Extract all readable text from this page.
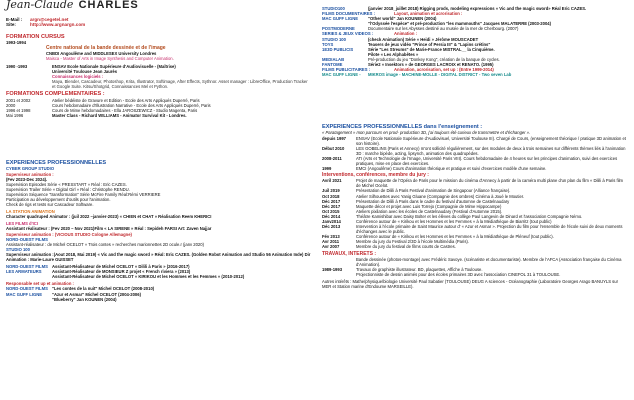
Jean-Claude CHARLES
E-Mail : argn@cegetel.net
Site:	http://www.argnargn.com
FORMATION CURSUS
1993-1994
Centre national de la bande dessinée et de l'image
CNBDI Angoulême and MIDDLESEX University Londres
Maisca - Master of Arts in Image Synthesis and Computer Animation.
1990 -1993	ENSAV Ecole Nationale Supérieure d'Audiovisuelle - (Maîtrise)
Université Toulouse Jean Jaurès
Connaissances logiciels :
Maya, Blender, Cascadeur, Photoshop, Krita, Illustrator, Softimage, After Effects, Sythnor. Asset manager : LibreOffice, Production Tracker et Google Suite. Kitsu/Shotgrid, Connaissances Mel et Python.
FORMATIONS COMPLEMENTAIRES :
2001 et 2002	Atelier bédéiste de Gravure et Edition - Ecole des Arts Appliqués Duperré, Paris
2000	Cours hebdomadaire d'Illustration Narrative - Ecole des Arts Appliqués Duperré, Paris
1996 et 1998	Cours de Mime hebdomadaires - Ella JAROSZEWICZ - Studio Magenta, Paris
Mai 1996	Master Class - Richard WILLIAMS - Animator Survival Kit - Londres.
EXPERIENCES PROFESSIONNELLES
CYBER GROUP STUDIO
Superviseur animation :
(Fev 2023-Dec 2024).
Supervision Episodes Série « PRESSTART » Réal : Eric CAZES.
Supervision Trailer Série « Digital Girl » Réal : Christophe RENDU.
Supervision Séquence "transformation" Série McFire Family Réal:Rémi VERRIERE
Participation au développement d'outils pour l'animation.
Check de rigs et tests sur Cascadeur Software.
LA STATION ANIMATION
Character quadruped Animator : (juil 2022 –janvier-2023) « CHIEN et CHAT » Réalisation Reem KHERICI
LES FILMS d'ICI
Assistant réalisateur : (Fev 2020 – Nov 2021)Film « LA SIRENE » Réal : Sepideh FARSI Art: Zaven Najjar
Superviseur animation : (VICIOUS STUDIO Cologne Allemagne)
NORD-OUEST FILMS
Assistant-réalisateur : de Michel OCELOT « Trois contes » recherches marionnettes 2D ocule.r (janv 2020)
STUDIO 100
Superviseur animation :(Aout 2018, Mai 2019) « Vic and the magic sword » Réal: Eric CAZES. (Golden Robot Animation and Studio 56 Animation Inde) Dir Animation : Marie-Laure GUISSET
NORD-OUEST FILMS Assistant-Réalisateur de Michel OCELOT « Dilili à Paris » (2016-2017)
LES ARMATEURS	Assistant-Réalisateur de MONSIEUR Z projet « French riviera » (2013)
Assistant-Réalisateur de Michel OCELOT « KIRIKOU et les Hommes et les Femmes » (2010-2012)
Responsable set up et animation :
NORD-OUEST FILMS "Les contes de la nuit" Michel OCELOT (2008-2010)
MAC GUFF LIGNE	"Azur et Asmar" Michel OCELOT (2004-2006)
"Blueberry" Jan KOUNEN (2004)
STUDIO100	(janvier 2018_juillet 2018) Rigging prods, modeling expressions « Vic and the magic sword» Réal Eric CAZES.
FILMS DOCUMENTAIRES :	Layout, animation et acrorisation :
MAC GUFF LIGNE	"Other world" Jan KOUNEN (2004)
"l'Odyssée l'espèce" et pré-production "les mammouths" Jacques MALATERRE (2003-2004)
POSTMODERNE	Documentaire sur les Abysses destiné au musée de la mer de Cherbourg. (2007)
SERIES & JEUX VIDEOS :	Animation :
STUDIO 100	(check Animation) Série « Heidi » Jérôme MOUSCADET
TOYS	Teasers de jeux vidéo "Prince of Persia III" & "Lapins crétins"
1E3D PUBLICIS	Série "Les Streums" de Marie-France MISTRAL__ la Cinquième.
Pilote « Les Alphabêtes »
MEDIALAB	Pré-production du jeu "Donkey Kong", création de la banque de cycles.
FANTOME	Série2 « Insektors » de GEORGES LACROIX et RENATO. (1995)
FILMS PUBLICITAIRES :	Animation, acrorisation, set up : (Entre 1999-2014)
MAC GUFF LIGNE -	MIKROS image - MACHINE-MOLLE - DIGITAL DISTRICT - Two seven Lab
EXPERIENCES PROFESSIONNELLES dans l'enseignement :
« Paratagement » mon parcours en prod- production 3D, j'ai toujours été curieux de transmettre et d'échanger ».
depuis 1997	ENSAV (Ecole Nationale Supérieure d'Audiovisuel, Université Toulouse III). Chargé de Cours, (enseignement théorique / pratique 3D animation et son histoire).
Début 2010	LES GOBELINS (Paris et Annecy) m'ont sollicité régulièrement, sur des modules de deux à trois semaines sur différents thèmes liés à l'animation 3D : marche bipède, acting, lipsynch, animation des quadrupèdes.
2008-2011	ATI (Arts et Technologie de l'Image, Université Paris VIII). Cours hebdomadaire de 4 heures sur les principes d'animation, suivi des exercices pratiques, mise en place des exercices.
1999	EMCI (Angoulême) Cours d'animation théorique et pratique et suivi d'exercices modèle d'une semaine.
Interventions, conférences, membre du jury :
Avril 2021	Projet de maquette de l'Opéra de Paris pour le mission du cinéma d'Annecy à partir de la caméra multi plane d'un plan du film « Dilili à Paris film de Michel Ocelot.
Juil 2019	Présentation de Dilili à Paris Festival d'animation de Singapour (Alliance française).
Oct 2018	Atelier Silhouettes avec Yanig Gluane (Compagnie des ombres) Cinéma à Joué le Moutier.
Déc 2017	Présentation de Dilili à Paris dans le cadre du festival d'automne de Castelnaudary
Déc 2017	Maquette décor et projet avec Luis Torrejo (Compagnie de Mime Hippocampe)
Oct 2015	Ateliers pixilation avec les écoles de Castelnaudary (Festival d'Automne 2015).
Déc 2014	Théâtre Kamishibaï avec Daisy Bolter et les élèves du collège Paul Langevin de Dinard et l'association Compagnie Némo.
Janv2014	Conférence autour de « Kirikou et les Hommes et les Femmes » à la Médiathèque de Biarritz (tout public)
Déc 2013	Intervention à l'école primaire de Saint Maurice autour d' « Azur et Asmar ». Projection du film pour l'ensemble de l'école suivi de deux moments d'échanges avec le public.
Fév 2013	Conférence autour de « Kirikou et les Hommes et les Femmes » à la Médiathèque de Pléneuf (tout public).
Avr 2011	Membre du jury du Festival 2/3D à l'école Multimédia (Paris).
Avr 2007	Membre du jury du festival de films courts de Castres.
TRAVAUX, INTERETS :
Bande dessinée (photos-montage) avec Frédéric Savoye. (scénariste et documentariste). Membre de l'AFCA (Association française du Cinéma d'Animation).
1989-1993	Travaux de graphiste illustrateur. BD, plaquettes, Affiche à Toulouse.
Projectionniste de dessin animés pour des écoles primaires 3D avec l'association CINEFOL 31 à TOULOUSE.
Autres intérêts : Mathe/physique/biologie Université Paul Sabatier (TOULOUSE) DEUG A sciences - Océanographie (Laboratoire Georges Arago BANUYLS sur MER et Station marine d'Endoume MARSEILLE).
